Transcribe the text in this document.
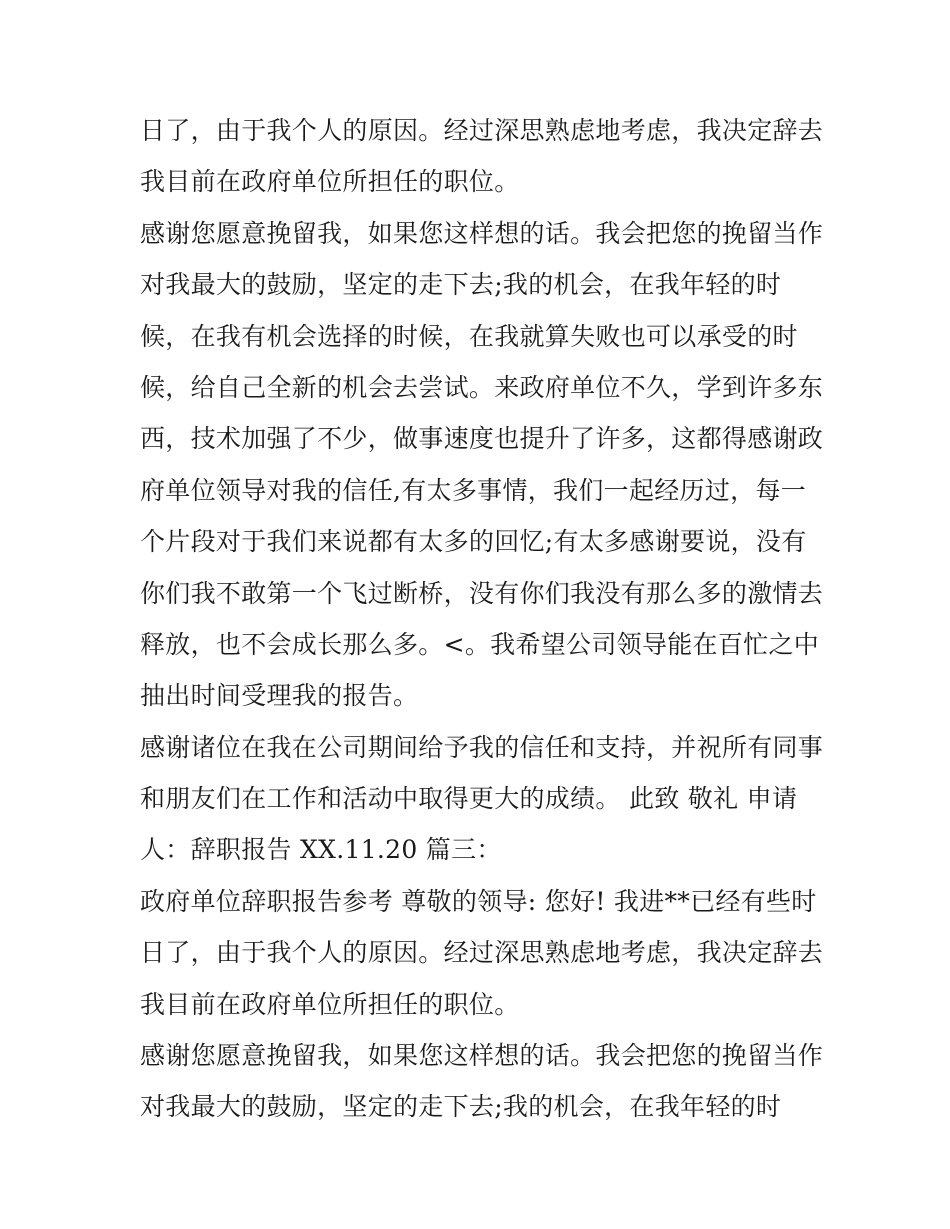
日了，由于我个人的原因。经过深思熟虑地考虑，我决定辞去
我目前在政府单位所担任的职位。
感谢您愿意挽留我，如果您这样想的话。我会把您的挽留当作
对我最大的鼓励，坚定的走下去;我的机会，在我年轻的时
候，在我有机会选择的时候，在我就算失败也可以承受的时
候，给自己全新的机会去尝试。来政府单位不久，学到许多东
西，技术加强了不少，做事速度也提升了许多，这都得感谢政
府单位领导对我的信任,有太多事情，我们一起经历过，每一
个片段对于我们来说都有太多的回忆;有太多感谢要说，没有
你们我不敢第一个飞过断桥，没有你们我没有那么多的激情去
释放，也不会成长那么多。<。我希望公司领导能在百忙之中
抽出时间受理我的报告。
感谢诸位在我在公司期间给予我的信任和支持，并祝所有同事
和朋友们在工作和活动中取得更大的成绩。 此致 敬礼 申请
人：辞职报告 XX.11.20 篇三：
政府单位辞职报告参考 尊敬的领导: 您好! 我进**已经有些时
日了，由于我个人的原因。经过深思熟虑地考虑，我决定辞去
我目前在政府单位所担任的职位。
感谢您愿意挽留我，如果您这样想的话。我会把您的挽留当作
对我最大的鼓励，坚定的走下去;我的机会，在我年轻的时
